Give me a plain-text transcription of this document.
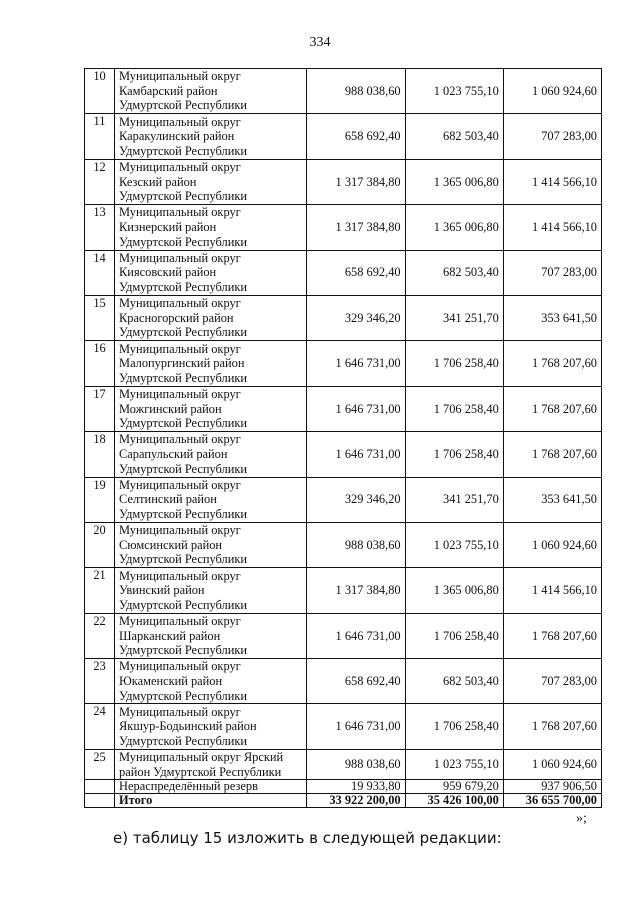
334
10	Муниципальный округ
Камбарский район
Удмуртской Республики	988 038,60	1 023 755,10	1 060 924,60
11	Муниципальный округ
Каракулинский район
Удмуртской Республики	658 692,40	682 503,40	707 283,00
12	Муниципальный округ
Кезский район
Удмуртской Республики	1 317 384,80	1 365 006,80	1 414 566,10
13	Муниципальный округ
Кизнерский район
Удмуртской Республики	1 317 384,80	1 365 006,80	1 414 566,10
14	Муниципальный округ
Киясовский район
Удмуртской Республики	658 692,40	682 503,40	707 283,00
15	Муниципальный округ
Красногорский район
Удмуртской Республики	329 346,20	341 251,70	353 641,50
16	Муниципальный округ
Малопургинский район
Удмуртской Республики	1 646 731,00	1 706 258,40	1 768 207,60
17	Муниципальный округ
Можгинский район
Удмуртской Республики	1 646 731,00	1 706 258,40	1 768 207,60
18	Муниципальный округ
Сарапульский район
Удмуртской Республики	1 646 731,00	1 706 258,40	1 768 207,60
19	Муниципальный округ
Селтинский район
Удмуртской Республики	329 346,20	341 251,70	353 641,50
20	Муниципальный округ
Сюмсинский район
Удмуртской Республики	988 038,60	1 023 755,10	1 060 924,60
21	Муниципальный округ
Увинский район
Удмуртской Республики	1 317 384,80	1 365 006,80	1 414 566,10
22	Муниципальный округ
Шарканский район
Удмуртской Республики	1 646 731,00	1 706 258,40	1 768 207,60
23	Муниципальный округ
Юкаменский район
Удмуртской Республики	658 692,40	682 503,40	707 283,00
24	Муниципальный округ
Якшур-Бодьинский район
Удмуртской Республики	1 646 731,00	1 706 258,40	1 768 207,60
25	Муниципальный округ Ярский
район Удмуртской Республики	988 038,60	1 023 755,10	1 060 924,60
	Нераспределённый резерв	19 933,80	959 679,20	937 906,50
	Итого	33 922 200,00	35 426 100,00	36 655 700,00
»;
е) таблицу 15 изложить в следующей редакции:
